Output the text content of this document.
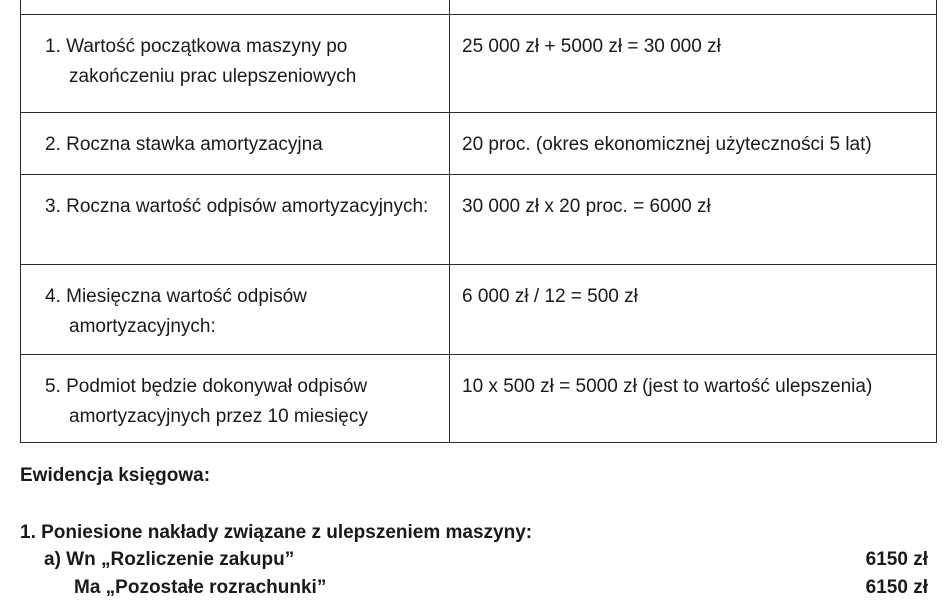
1. Wartość początkowa maszyny po zakończeniu prac ulepszeniowych	25 000 zł + 5000 zł = 30 000 zł

2. Roczna stawka amortyzacyjna	20 proc. (okres ekonomicznej użyteczności 5 lat)

3. Roczna wartość odpisów amortyzacyjnych:	30 000 zł x 20 proc. = 6000 zł

4. Miesięczna wartość odpisów amortyzacyjnych:	6 000 zł / 12 = 500 zł

5. Podmiot będzie dokonywał odpisów amortyzacyjnych przez 10 miesięcy	10 x 500 zł = 5000 zł (jest to wartość ulepszenia)
Ewidencja księgowa:
1. Poniesione nakłady związane z ulepszeniem maszyny:
a) Wn „Rozliczenie zakupu”	6150 zł
Ma „Pozostałe rozrachunki”	6150 zł
